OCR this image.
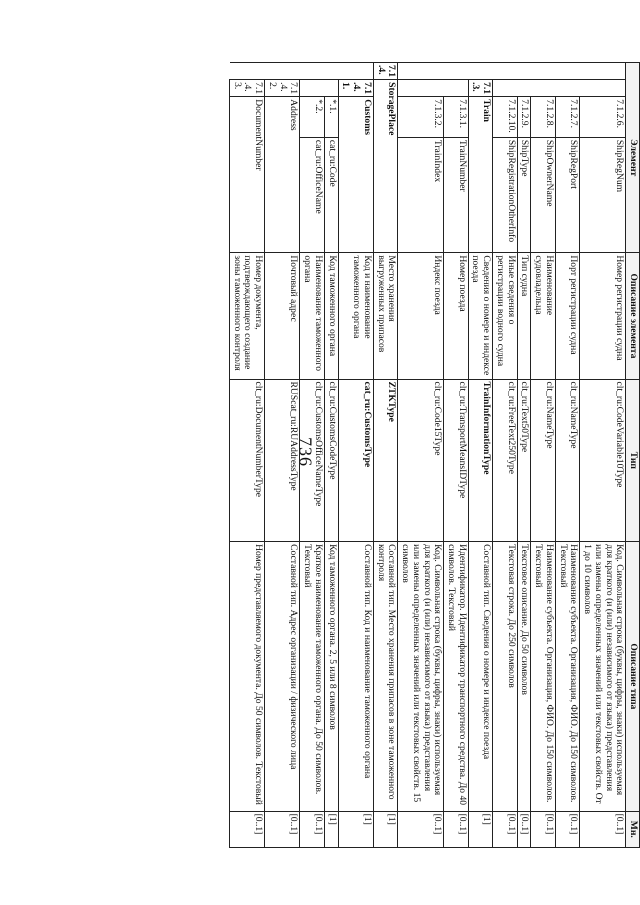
736
Элемент				Описание элемента	Тип	Описание типа	Мн.
		7.1.2.6.	ShipRegNum	Номер регистрации судна	clt_ru:CodeVariable10Type	Код. Символьная строка (буквы, цифры, знаки) используемая для краткого (и (или) независимого от языка) представления или замены определенных значений или текстовых свойств. От 1 до 10 символов	[0..1]
		7.1.2.7.	ShipRegPort	Порт регистрации судна	clt_ru:NameType	Наименование субъекта. Организация, ФИО. До 150 символов. Текстовый	[0..1]
		7.1.2.8.	ShipOwnerName	Наименование судовладельца	clt_ru:NameType	Наименование субъекта. Организация, ФИО. До 150 символов. Текстовый	[0..1]
		7.1.2.9.	ShipType	Тип судна	clt_ru:Text50Type	Текстовое описание. До 50 символов	[0..1]
		7.1.2.10.	ShipRegistrationOtherInfo	Иные сведения о регистрации водного судна	clt_ru:FreeText250Type	Текстовая строка. До 250 символов	[0..1]
	7.1.3.	Train		Сведения о номере и индексе поезда	TrainInformationType	Составной тип. Сведения о номере и индексе поезда	[1]
		7.1.3.1.	TrainNumber	Номер поезда	clt_ru:TransportMeansIDType	Идентификатор. Идентификатор транспортного средства. До 40 символов. Текстовый	[0..1]
		7.1.3.2.	TrainIndex	Индекс поезда	clt_ru:Code15Type	Код. Символьная строка (буквы, цифры, знаки) используемая для краткого (и (или) независимого от языка) представления или замены определенных значений или текстовых свойств. 15 символов	[0..1]
7.1.4.	StoragePlace			Место хранения выгруженных припасов	ZTKType	Составной тип. Место хранения припасов в зоне таможенного контроля	[1]
	7.1.4.1.	Customs		Код и наименование таможенного органа	cat_ru:CustomsType	Составной тип. Код и наименование таможенного органа	[1]
		*.1.	cat_ru:Code	Код таможенного органа	clt_ru:CustomsCodeType	Код таможенного органа. 2, 5 или 8 символов	[1]
		*.2.	cat_ru:OfficeName	Наименование таможенного органа	clt_ru:CustomsOfficeNameType	Краткое наименование таможенного органа. До 50 символов. Текстовый	[0..1]
	7.1.4.2.	Address		Почтовый адрес	RUScat_ru:RUAddressType	Составной тип. Адрес организации / физического лица	[0..1]
	7.1.4.3.	DocumentNumber		Номер документа, подтверждающего создание зоны таможенного контроля	clt_ru:DocumentNumberType	Номер представляемого документа. До 50 символов. Текстовый	[0..1]
